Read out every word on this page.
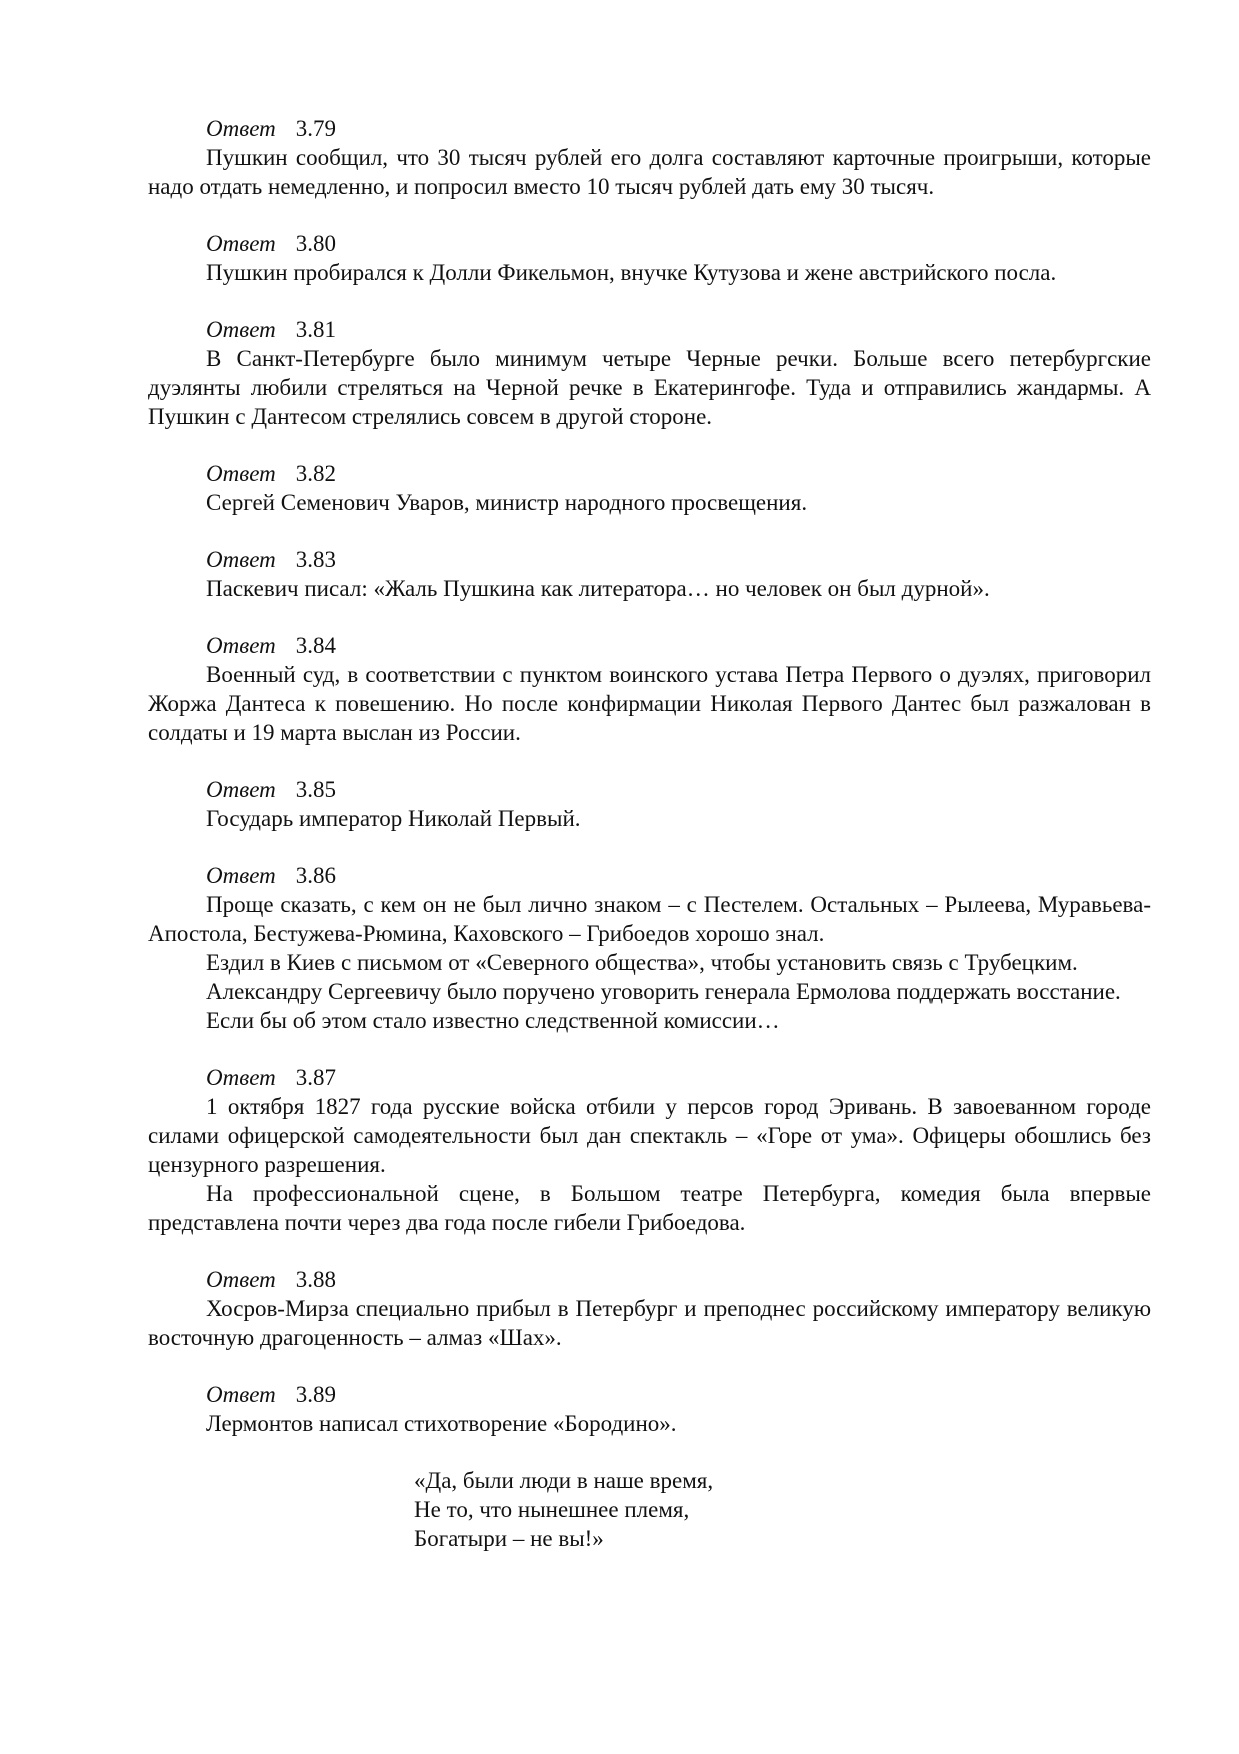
Ответ 3.79

Пушкин сообщил, что 30 тысяч рублей его долга составляют карточные проигрыши, которые надо отдать немедленно, и попросил вместо 10 тысяч рублей дать ему 30 тысяч.

Ответ 3.80

Пушкин пробирался к Долли Фикельмон, внучке Кутузова и жене австрийского посла.

Ответ 3.81

В Санкт-Петербурге было минимум четыре Черные речки. Больше всего петербургские дуэлянты любили стреляться на Черной речке в Екатерингофе. Туда и отправились жандармы. А Пушкин с Дантесом стрелялись совсем в другой стороне.

Ответ 3.82

Сергей Семенович Уваров, министр народного просвещения.

Ответ 3.83

Паскевич писал: «Жаль Пушкина как литератора… но человек он был дурной».

Ответ 3.84

Военный суд, в соответствии с пунктом воинского устава Петра Первого о дуэлях, приговорил Жоржа Дантеса к повешению. Но после конфирмации Николая Первого Дантес был разжалован в солдаты и 19 марта выслан из России.

Ответ 3.85

Государь император Николай Первый.

Ответ 3.86

Проще сказать, с кем он не был лично знаком – с Пестелем. Остальных – Рылеева, Муравьева-Апостола, Бестужева-Рюмина, Каховского – Грибоедов хорошо знал.

Ездил в Киев с письмом от «Северного общества», чтобы установить связь с Трубецким.

Александру Сергеевичу было поручено уговорить генерала Ермолова поддержать восстание.

Если бы об этом стало известно следственной комиссии…

Ответ 3.87

1 октября 1827 года русские войска отбили у персов город Эривань. В завоеванном городе силами офицерской самодеятельности был дан спектакль – «Горе от ума». Офицеры обошлись без цензурного разрешения.

На профессиональной сцене, в Большом театре Петербурга, комедия была впервые представлена почти через два года после гибели Грибоедова.

Ответ 3.88

Хосров-Мирза специально прибыл в Петербург и преподнес российскому императору великую восточную драгоценность – алмаз «Шах».

Ответ 3.89

Лермонтов написал стихотворение «Бородино».

«Да, были люди в наше время,
Не то, что нынешнее племя,
Богатыри – не вы!»
